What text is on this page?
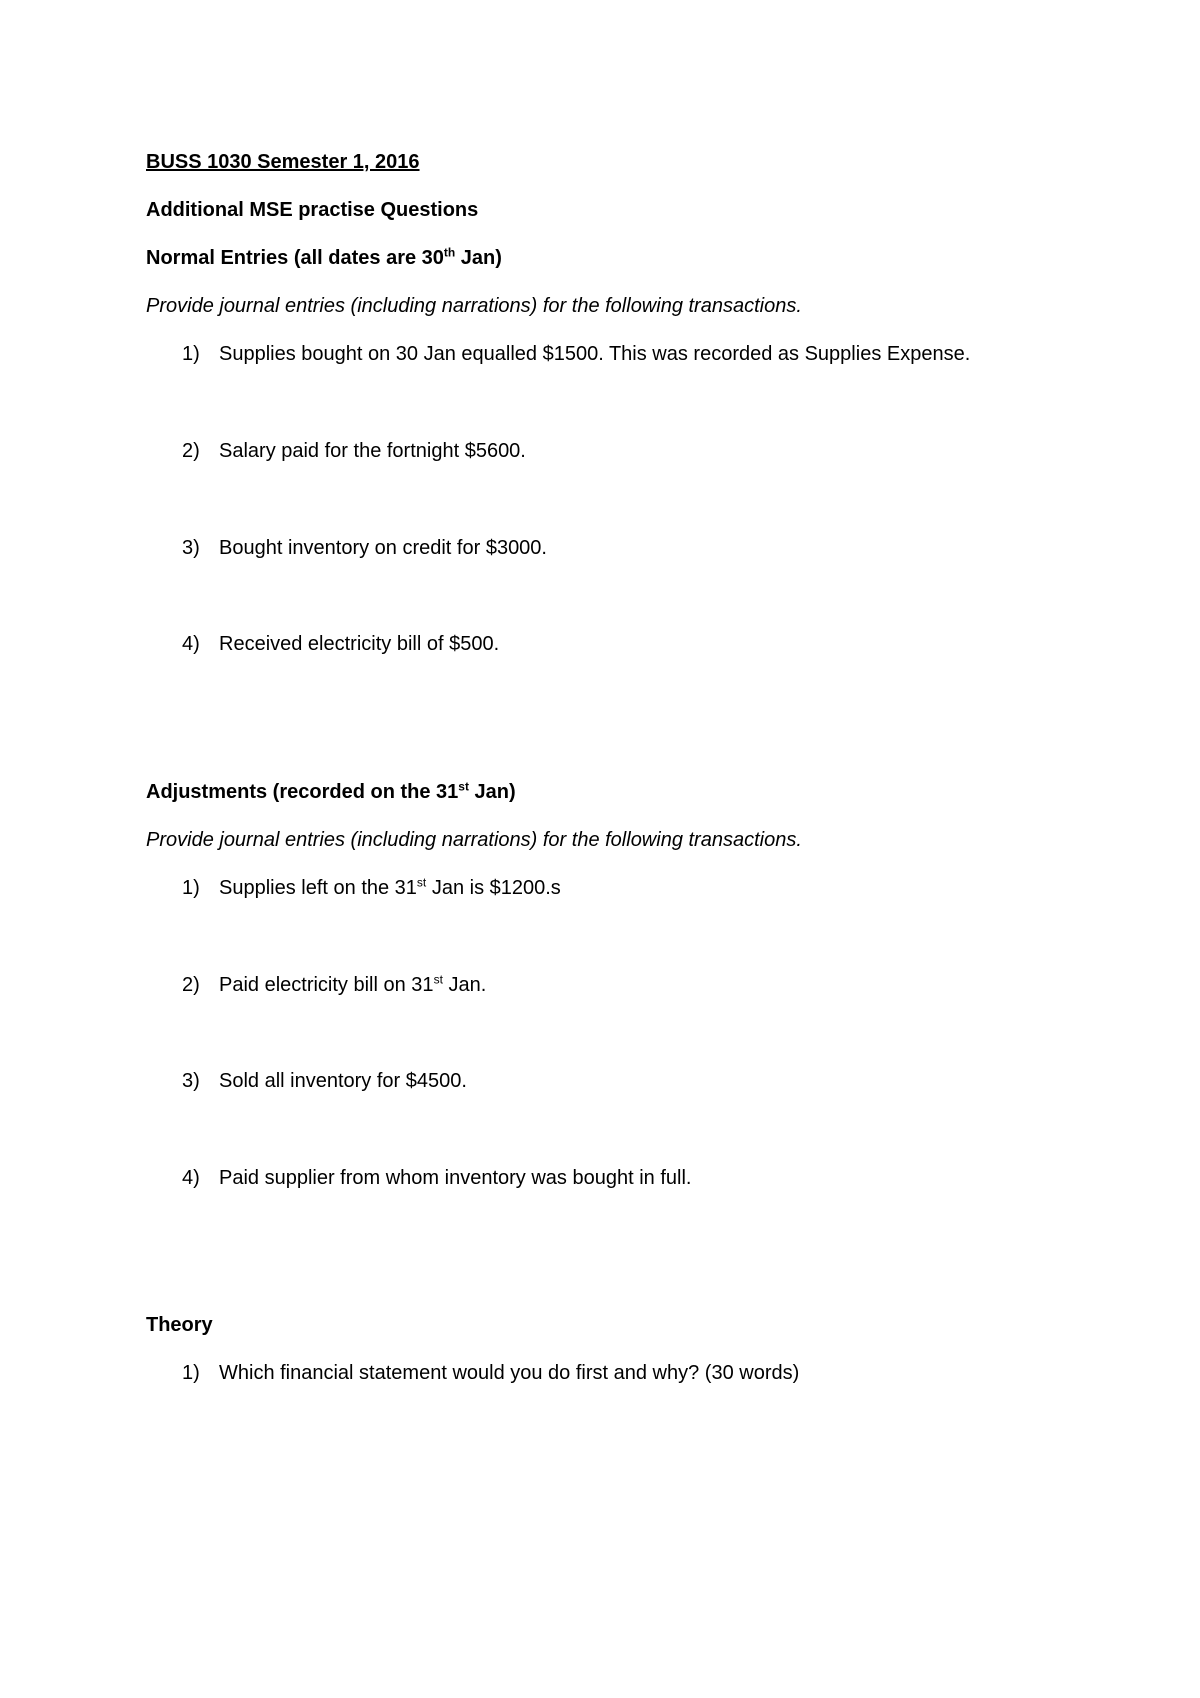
BUSS 1030 Semester 1, 2016
Additional MSE practise Questions
Normal Entries (all dates are 30th Jan)
Provide journal entries (including narrations) for the following transactions.
1) Supplies bought on 30 Jan equalled $1500. This was recorded as Supplies Expense.
2) Salary paid for the fortnight $5600.
3) Bought inventory on credit for $3000.
4) Received electricity bill of $500.
Adjustments (recorded on the 31st Jan)
Provide journal entries (including narrations) for the following transactions.
1) Supplies left on the 31st Jan is $1200.s
2) Paid electricity bill on 31st Jan.
3) Sold all inventory for $4500.
4) Paid supplier from whom inventory was bought in full.
Theory
1) Which financial statement would you do first and why? (30 words)
